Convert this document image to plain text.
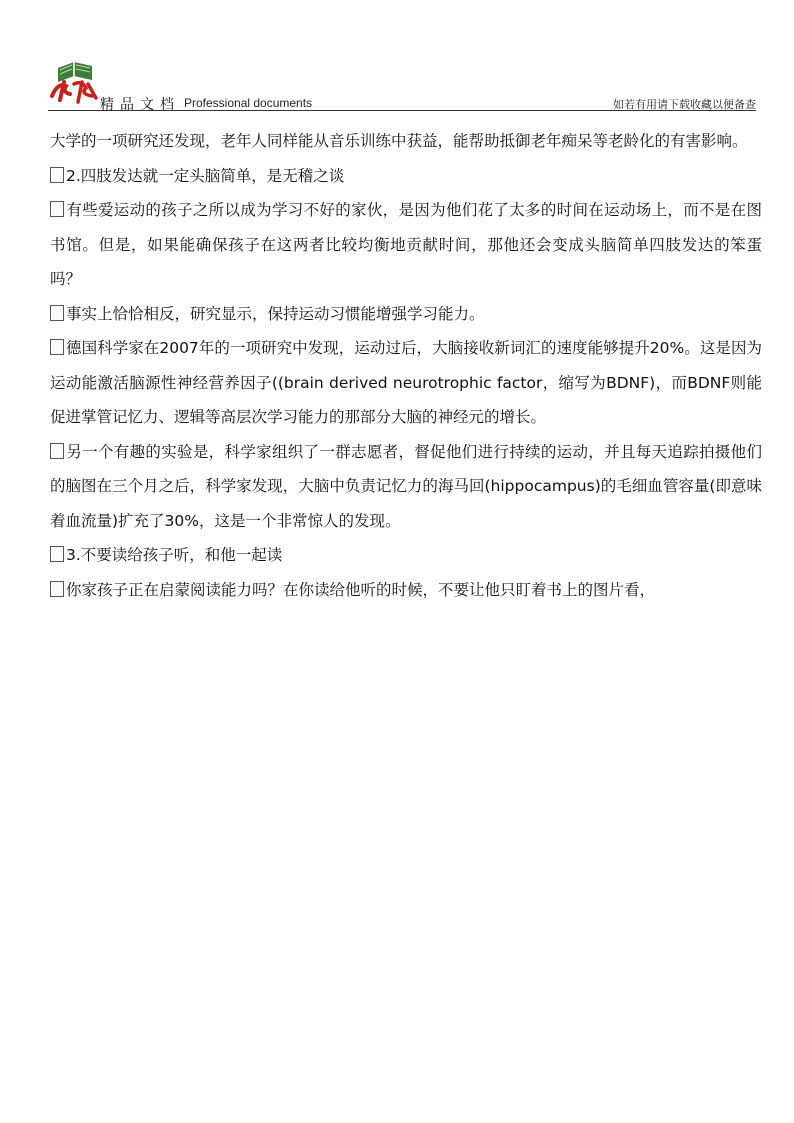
精品文档 Professional documents	如若有用请下载收藏以便备查

大学的一项研究还发现，老年人同样能从音乐训练中获益，能帮助抵御老年痴呆等老龄化的有害影响。

2.四肢发达就一定头脑简单，是无稽之谈

有些爱运动的孩子之所以成为学习不好的家伙，是因为他们花了太多的时间在运动场上，而不是在图书馆。但是，如果能确保孩子在这两者比较均衡地贡献时间，那他还会变成头脑简单四肢发达的笨蛋吗？

事实上恰恰相反，研究显示，保持运动习惯能增强学习能力。

德国科学家在2007年的一项研究中发现，运动过后，大脑接收新词汇的速度能够提升20%。这是因为运动能激活脑源性神经营养因子((brain derived neurotrophic factor，缩写为BDNF)，而BDNF则能促进掌管记忆力、逻辑等高层次学习能力的那部分大脑的神经元的增长。

另一个有趣的实验是，科学家组织了一群志愿者，督促他们进行持续的运动，并且每天追踪拍摄他们的脑图在三个月之后，科学家发现，大脑中负责记忆力的海马回(hippocampus)的毛细血管容量(即意味着血流量)扩充了30%，这是一个非常惊人的发现。

3.不要读给孩子听，和他一起读

你家孩子正在启蒙阅读能力吗？在你读给他听的时候，不要让他只盯着书上的图片看，
